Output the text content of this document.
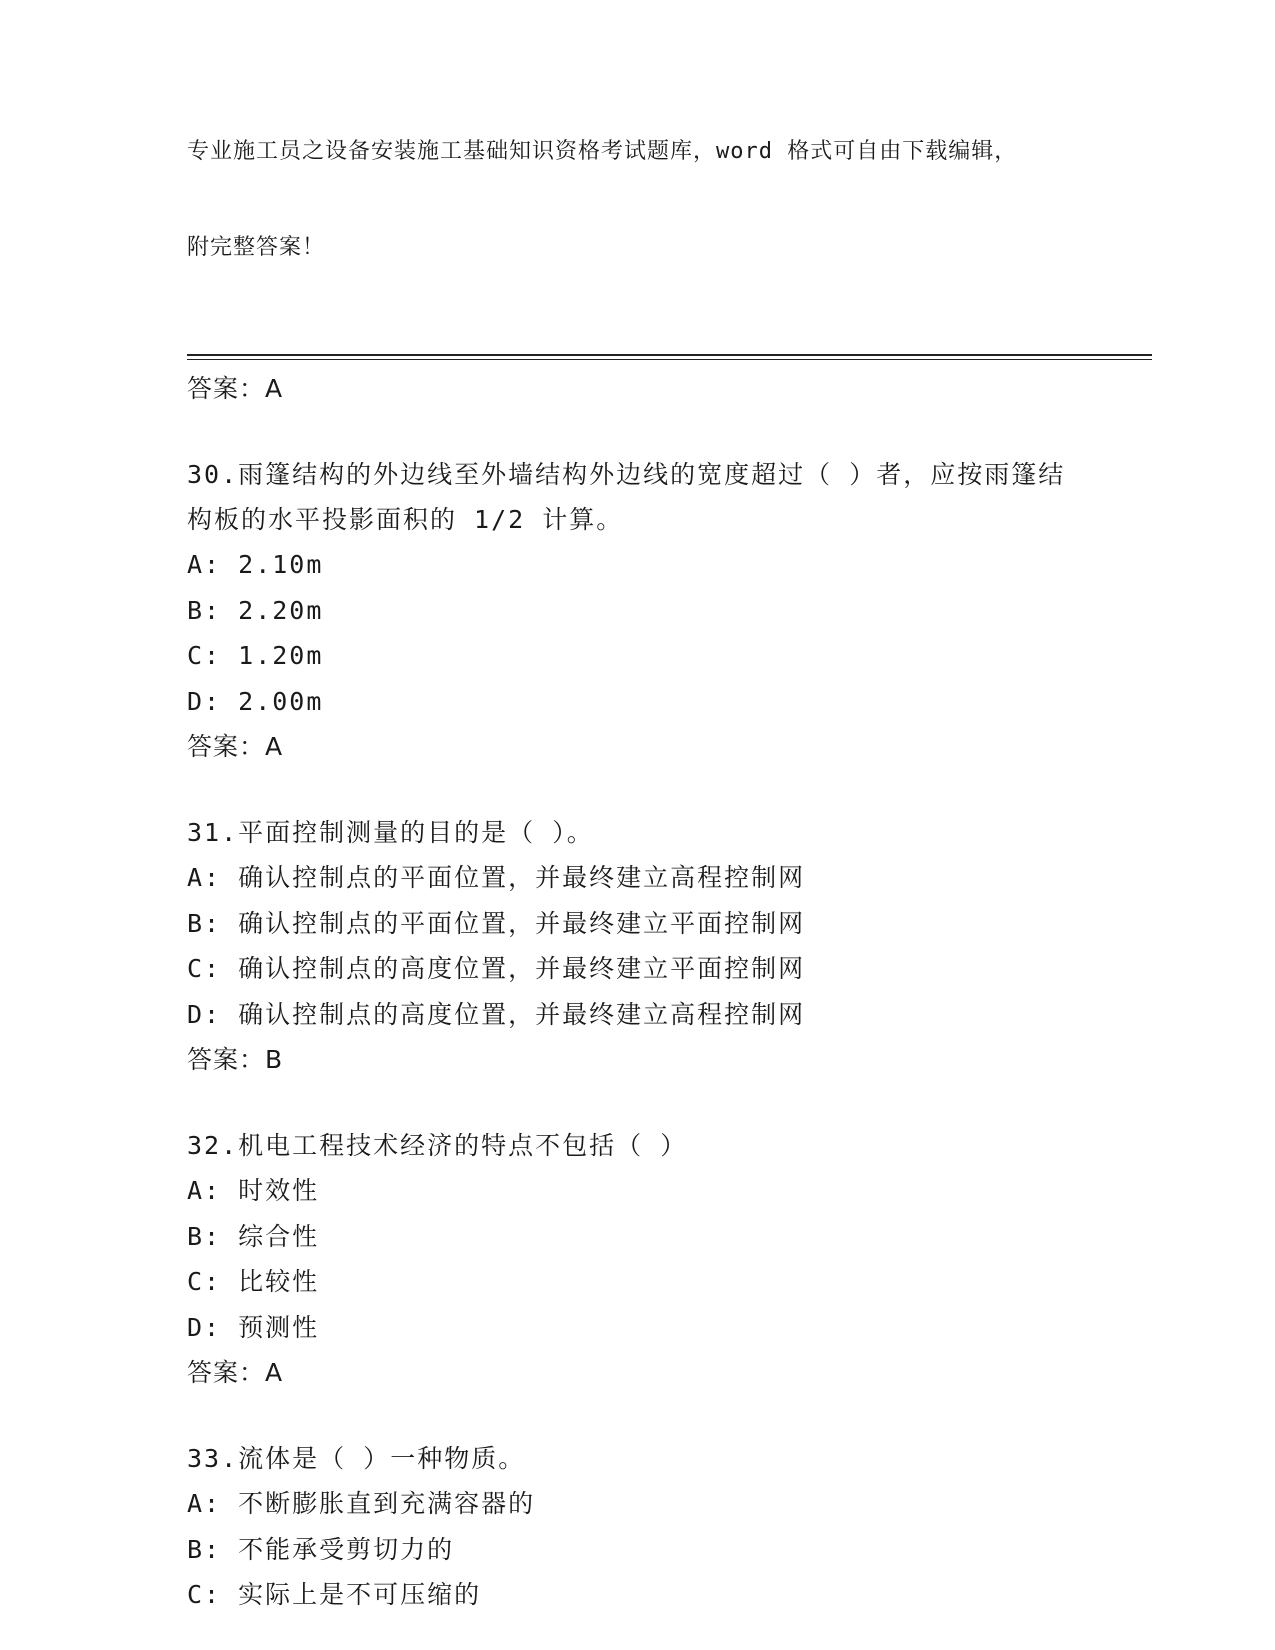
专业施工员之设备安装施工基础知识资格考试题库，word 格式可自由下载编辑，

附完整答案！

答案：A
30.雨篷结构的外边线至外墙结构外边线的宽度超过（ ）者，应按雨篷结构板的水平投影面积的 1/2 计算。
A: 2.10m
B: 2.20m
C: 1.20m
D: 2.00m
答案：A
31.平面控制测量的目的是（ ）。
A: 确认控制点的平面位置，并最终建立高程控制网
B: 确认控制点的平面位置，并最终建立平面控制网
C: 确认控制点的高度位置，并最终建立平面控制网
D: 确认控制点的高度位置，并最终建立高程控制网
答案：B
32.机电工程技术经济的特点不包括（ ）
A: 时效性
B: 综合性
C: 比较性
D: 预测性
答案：A
33.流体是（ ）一种物质。
A: 不断膨胀直到充满容器的
B: 不能承受剪切力的
C: 实际上是不可压缩的
